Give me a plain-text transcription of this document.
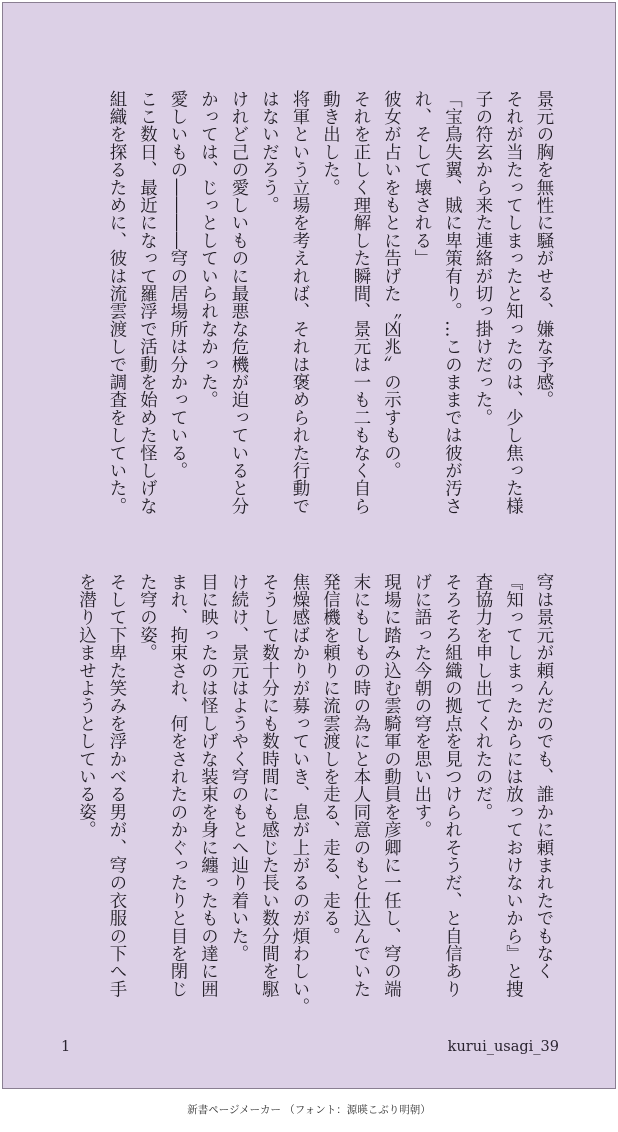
景元の胸を無性に騒がせる、嫌な予感。
それが当たってしまったと知ったのは、少し焦った様
子の符玄から来た連絡が切っ掛けだった。
「宝鳥失翼、賊に卑策有り。…このままでは彼が汚さ
れ、そして壊される」
彼女が占いをもとに告げた〝凶兆〟の示すもの。
それを正しく理解した瞬間、景元は一も二もなく自ら
動き出した。
将軍という立場を考えれば、それは褒められた行動で
はないだろう。
けれど己の愛しいものに最悪な危機が迫っていると分
かっては、じっとしていられなかった。
愛しいもの――――穹の居場所は分かっている。
ここ数日、最近になって羅浮で活動を始めた怪しげな
組織を探るために、彼は流雲渡しで調査をしていた。
穹は景元が頼んだのでも、誰かに頼まれたでもなく
『知ってしまったからには放っておけないから』と捜
査協力を申し出てくれたのだ。
そろそろ組織の拠点を見つけられそうだ、と自信あり
げに語った今朝の穹を思い出す。
現場に踏み込む雲騎軍の動員を彦卿に一任し、穹の端
末にもしもの時の為にと本人同意のもと仕込んでいた
発信機を頼りに流雲渡しを走る、走る、走る。
焦燥感ばかりが募っていき、息が上がるのが煩わしい。
そうして数十分にも数時間にも感じた長い数分間を駆
け続け、景元はようやく穹のもとへ辿り着いた。
目に映ったのは怪しげな装束を身に纏ったもの達に囲
まれ、拘束され、何をされたのかぐったりと目を閉じ
た穹の姿。
そして下卑た笑みを浮かべる男が、穹の衣服の下へ手
を潜り込ませようとしている姿。
1	kurui_usagi_39
新書ページメーカー （フォント：源暎こぶり明朝）
